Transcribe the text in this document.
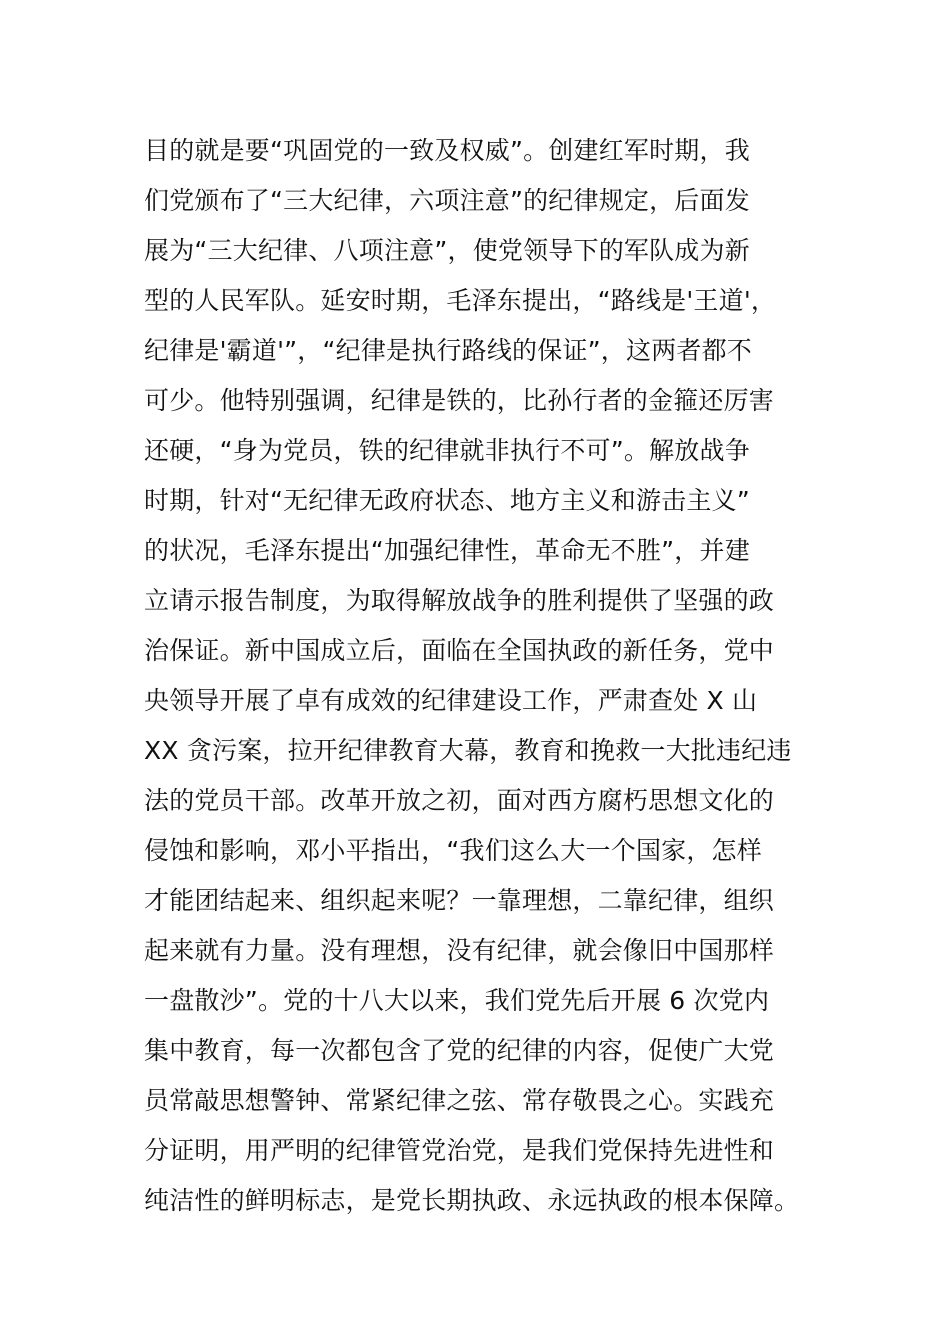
目的就是要“巩固党的一致及权威”。创建红军时期，我
们党颁布了“三大纪律，六项注意”的纪律规定，后面发
展为“三大纪律、八项注意”，使党领导下的军队成为新
型的人民军队。延安时期，毛泽东提出，“路线是'王道'，
纪律是'霸道'”，“纪律是执行路线的保证”，这两者都不
可少。他特别强调，纪律是铁的，比孙行者的金箍还厉害
还硬，“身为党员，铁的纪律就非执行不可”。解放战争
时期，针对“无纪律无政府状态、地方主义和游击主义”
的状况，毛泽东提出“加强纪律性，革命无不胜”，并建
立请示报告制度，为取得解放战争的胜利提供了坚强的政
治保证。新中国成立后，面临在全国执政的新任务，党中
央领导开展了卓有成效的纪律建设工作，严肃查处 X 山
XX 贪污案，拉开纪律教育大幕，教育和挽救一大批违纪违
法的党员干部。改革开放之初，面对西方腐朽思想文化的
侵蚀和影响，邓小平指出，“我们这么大一个国家，怎样
才能团结起来、组织起来呢？一靠理想，二靠纪律，组织
起来就有力量。没有理想，没有纪律，就会像旧中国那样
一盘散沙”。党的十八大以来，我们党先后开展 6 次党内
集中教育，每一次都包含了党的纪律的内容，促使广大党
员常敲思想警钟、常紧纪律之弦、常存敬畏之心。实践充
分证明，用严明的纪律管党治党，是我们党保持先进性和
纯洁性的鲜明标志，是党长期执政、永远执政的根本保障。
